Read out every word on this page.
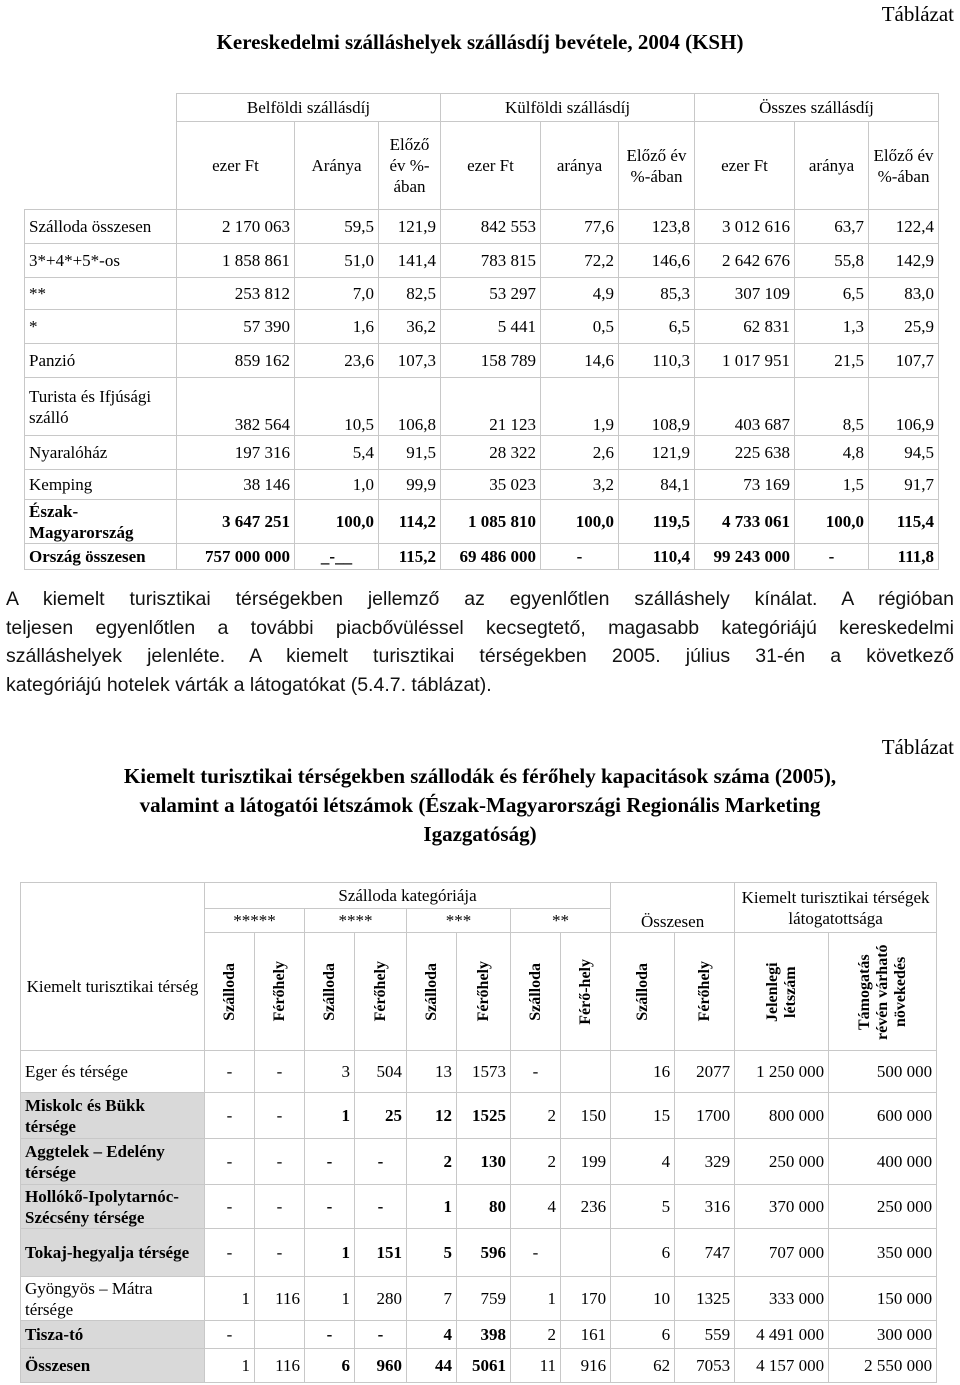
Táblázat
Kereskedelmi szálláshelyek szállásdíj bevétele, 2004 (KSH)
	Belföldi szállásdíj			Külföldi szállásdíj			Összes szállásdíj		
	ezer Ft	Aránya	Előző év %-ában	ezer Ft	aránya	Előző év %-ában	ezer Ft	aránya	Előző év %-ában
Szálloda összesen	2 170 063	59,5	121,9	842 553	77,6	123,8	3 012 616	63,7	122,4
3*+4*+5*-os	1 858 861	51,0	141,4	783 815	72,2	146,6	2 642 676	55,8	142,9
**	253 812	7,0	82,5	53 297	4,9	85,3	307 109	6,5	83,0
*	57 390	1,6	36,2	5 441	0,5	6,5	62 831	1,3	25,9
Panzió	859 162	23,6	107,3	158 789	14,6	110,3	1 017 951	21,5	107,7
Turista és Ifjúsági szálló	382 564	10,5	106,8	21 123	1,9	108,9	403 687	8,5	106,9
Nyaralóház	197 316	5,4	91,5	28 322	2,6	121,9	225 638	4,8	94,5
Kemping	38 146	1,0	99,9	35 023	3,2	84,1	73 169	1,5	91,7
Észak-Magyarország	3 647 251	100,0	114,2	1 085 810	100,0	119,5	4 733 061	100,0	115,4
Ország összesen	757 000 000	_-__	115,2	69 486 000	-	110,4	99 243 000	-	111,8
A kiemelt turisztikai térségekben jellemző az egyenlőtlen szálláshely kínálat. A régióban
teljesen egyenlőtlen a további piacbővüléssel kecsegtető, magasabb kategóriájú kereskedelmi
szálláshelyek jelenléte. A kiemelt turisztikai térségekben 2005. július 31-én a következő
kategóriájú hotelek várták a látogatókat (5.4.7. táblázat).
Táblázat
Kiemelt turisztikai térségekben szállodák és férőhely kapacitások száma (2005),
valamint a látogatói létszámok (Észak-Magyarországi Regionális Marketing
Igazgatóság)
Kiemelt turisztikai térség	Szálloda kategóriája								Összesen		Kiemelt turisztikai térségek látogatottsága	
	*****		****		***		**					

	Szálloda	Férőhely	Szálloda	Férőhely	Szálloda	Férőhely	Szálloda	Férő-hely	Szálloda	Férőhely	Jelenlegi létszám	Támogatás révén várható növekedés

Eger és térsége	-	-	3	504	13	1573	-		16	2077	1 250 000	500 000
Miskolc és Bükk térsége	-	-	1	25	12	1525	2	150	15	1700	800 000	600 000
Aggtelek – Edelény térsége	-	-	-	-	2	130	2	199	4	329	250 000	400 000
Hollókő-Ipolytarnóc-Szécsény térsége	-	-	-	-	1	80	4	236	5	316	370 000	250 000
Tokaj-hegyalja térsége	-	-	1	151	5	596	-		6	747	707 000	350 000
Gyöngyös – Mátra térsége	1	116	1	280	7	759	1	170	10	1325	333 000	150 000
Tisza-tó	-		-	-	4	398	2	161	6	559	4 491 000	300 000
Összesen	1	116	6	960	44	5061	11	916	62	7053	4 157 000	2 550 000
